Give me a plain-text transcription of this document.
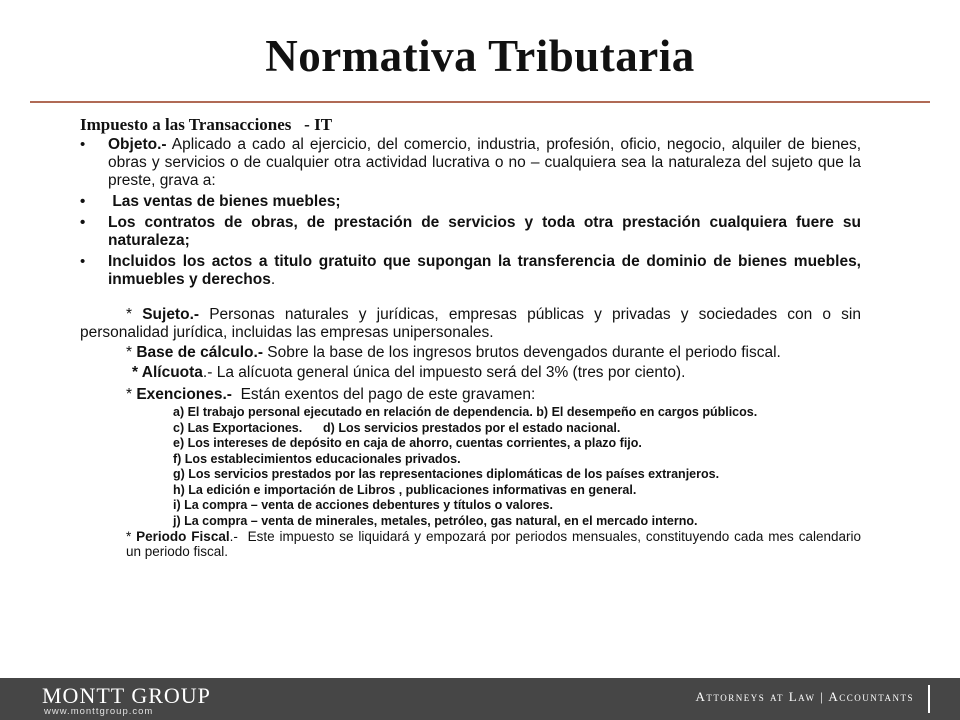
Normativa Tributaria
Impuesto a las Transacciones   - IT
• Objeto.- Aplicado a cado al ejercicio, del comercio, industria, profesión, oficio, negocio, alquiler de bienes, obras y servicios o de cualquier otra actividad lucrativa o no – cualquiera sea la naturaleza del sujeto que la preste, grava a:
•  Las ventas de bienes muebles;
• Los contratos de obras, de prestación de servicios y toda otra prestación cualquiera fuere su naturaleza;
• Incluidos los actos a titulo gratuito que supongan la transferencia de dominio de bienes muebles, inmuebles y derechos.

* Sujeto.- Personas naturales y jurídicas, empresas públicas y privadas y sociedades con o sin personalidad jurídica, incluidas las empresas unipersonales.

* Base de cálculo.- Sobre la base de los ingresos brutos devengados durante el periodo fiscal.

* Alícuota.- La alícuota general única del impuesto será del 3% (tres por ciento).

* Exenciones.-  Están exentos del pago de este gravamen:
a) El trabajo personal ejecutado en relación de dependencia. b) El desempeño en cargos públicos.
c) Las Exportaciones.      d) Los servicios prestados por el estado nacional.
e) Los intereses de depósito en caja de ahorro, cuentas corrientes, a plazo fijo.
f) Los establecimientos educacionales privados.
g) Los servicios prestados por las representaciones diplomáticas de los países extranjeros.
h) La edición e importación de Libros , publicaciones informativas en general.
i) La compra – venta de acciones debentures y títulos o valores.
j) La compra – venta de minerales, metales, petróleo, gas natural, en el mercado interno.
* Periodo Fiscal.-  Este impuesto se liquidará y empozará por periodos mensuales, constituyendo cada mes calendario un periodo fiscal.
MONTT GROUP
www.monttgroup.com
Attorneys at Law | Accountants
